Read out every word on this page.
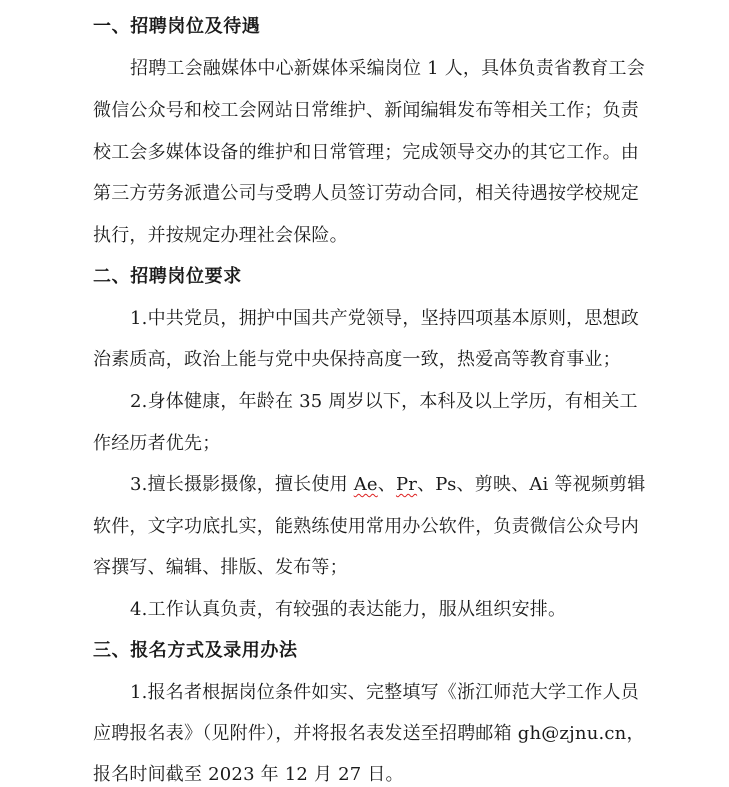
一、招聘岗位及待遇
招聘工会融媒体中心新媒体采编岗位 1 人，具体负责省教育工会
微信公众号和校工会网站日常维护、新闻编辑发布等相关工作；负责
校工会多媒体设备的维护和日常管理；完成领导交办的其它工作。由
第三方劳务派遣公司与受聘人员签订劳动合同，相关待遇按学校规定
执行，并按规定办理社会保险。
二、招聘岗位要求
1.中共党员，拥护中国共产党领导，坚持四项基本原则，思想政
治素质高，政治上能与党中央保持高度一致，热爱高等教育事业；
2.身体健康，年龄在 35 周岁以下，本科及以上学历，有相关工
作经历者优先；
3.擅长摄影摄像，擅长使用 Ae、Pr、Ps、剪映、Ai 等视频剪辑
软件，文字功底扎实，能熟练使用常用办公软件，负责微信公众号内
容撰写、编辑、排版、发布等；
4.工作认真负责，有较强的表达能力，服从组织安排。
三、报名方式及录用办法
1.报名者根据岗位条件如实、完整填写《浙江师范大学工作人员
应聘报名表》（见附件），并将报名表发送至招聘邮箱 gh@zjnu.cn，
报名时间截至 2023 年 12 月 27 日。
